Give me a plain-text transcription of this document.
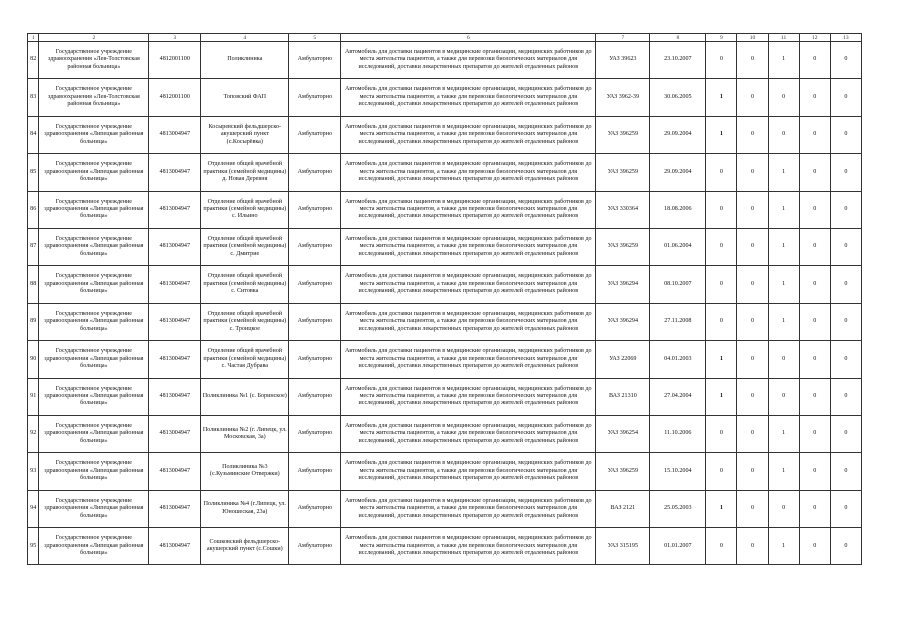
1	2	3	4	5	6	7	8	9	10	11	12	13
82	Государственное учреждение здравоохранения «Лев-Толстовская районная больница»	4812001100	Поликлиника	Амбулаторно	Автомобиль для доставки пациентов в медицинские организации, медицинских работников до места жительства пациентов, а также для перевозки биологических материалов для исследований, доставки лекарственных препаратов до жителей отдаленных районов	УАЗ 39623	23.10.2007	0	0	1	0	0
83	Государственное учреждение здравоохранения «Лев-Толстовская районная больница»	4812001100	Топовский ФАП	Амбулаторно	Автомобиль для доставки пациентов в медицинские организации, медицинских работников до места жительства пациентов, а также для перевозки биологических материалов для исследований, доставки лекарственных препаратов до жителей отдаленных районов	УАЗ 3962-39	30.06.2005	1	0	0	0	0
84	Государственное учреждение здравоохранения «Липецкая районная больница»	4813004947	Косыревский фельдшерско-акушерский пункт (с.Косырёвка)	Амбулаторно	Автомобиль для доставки пациентов в медицинские организации, медицинских работников до места жительства пациентов, а также для перевозки биологических материалов для исследований, доставки лекарственных препаратов до жителей отдаленных районов	УАЗ 396259	29.09.2004	1	0	0	0	0
85	Государственное учреждение здравоохранения «Липецкая районная больница»	4813004947	Отделение общей врачебной практики (семейной медицины) д. Новая Деревня	Амбулаторно	Автомобиль для доставки пациентов в медицинские организации, медицинских работников до места жительства пациентов, а также для перевозки биологических материалов для исследований, доставки лекарственных препаратов до жителей отдаленных районов	УАЗ 396259	29.09.2004	0	0	1	0	0
86	Государственное учреждение здравоохранения «Липецкая районная больница»	4813004947	Отделение общей врачебной практики (семейной медицины) с. Ильино	Амбулаторно	Автомобиль для доставки пациентов в медицинские организации, медицинских работников до места жительства пациентов, а также для перевозки биологических материалов для исследований, доставки лекарственных препаратов до жителей отдаленных районов	УАЗ 330364	18.08.2006	0	0	1	0	0
87	Государственное учреждение здравоохранения «Липецкая районная больница»	4813004947	Отделение общей врачебной практики (семейной медицины) с. Дмитрие	Амбулаторно	Автомобиль для доставки пациентов в медицинские организации, медицинских работников до места жительства пациентов, а также для перевозки биологических материалов для исследований, доставки лекарственных препаратов до жителей отдаленных районов	УАЗ 396259	01.06.2004	0	0	1	0	0
88	Государственное учреждение здравоохранения «Липецкая районная больница»	4813004947	Отделение общей врачебной практики (семейной медицины) с. Ситовка	Амбулаторно	Автомобиль для доставки пациентов в медицинские организации, медицинских работников до места жительства пациентов, а также для перевозки биологических материалов для исследований, доставки лекарственных препаратов до жителей отдаленных районов	УАЗ 396294	08.10.2007	0	0	1	0	0
89	Государственное учреждение здравоохранения «Липецкая районная больница»	4813004947	Отделение общей врачебной практики (семейной медицины) с. Троицкое	Амбулаторно	Автомобиль для доставки пациентов в медицинские организации, медицинских работников до места жительства пациентов, а также для перевозки биологических материалов для исследований, доставки лекарственных препаратов до жителей отдаленных районов	УАЗ 396294	27.11.2008	0	0	1	0	0
90	Государственное учреждение здравоохранения «Липецкая районная больница»	4813004947	Отделение общей врачебной практики (семейной медицины) с. Частая Дубрава	Амбулаторно	Автомобиль для доставки пациентов в медицинские организации, медицинских работников до места жительства пациентов, а также для перевозки биологических материалов для исследований, доставки лекарственных препаратов до жителей отдаленных районов	УАЗ 22069	04.01.2003	1	0	0	0	0
91	Государственное учреждение здравоохранения «Липецкая районная больница»	4813004947	Поликлиника №1 (с. Боринское)	Амбулаторно	Автомобиль для доставки пациентов в медицинские организации, медицинских работников до места жительства пациентов, а также для перевозки биологических материалов для исследований, доставки лекарственных препаратов до жителей отдаленных районов	ВАЗ 21310	27.04.2004	1	0	0	0	0
92	Государственное учреждение здравоохранения «Липецкая районная больница»	4813004947	Поликлиника №2 (г. Липецк, ул. Московская, 3а)	Амбулаторно	Автомобиль для доставки пациентов в медицинские организации, медицинских работников до места жительства пациентов, а также для перевозки биологических материалов для исследований, доставки лекарственных препаратов до жителей отдаленных районов	УАЗ 396254	11.10.2006	0	0	1	0	0
93	Государственное учреждение здравоохранения «Липецкая районная больница»	4813004947	Поликлиника №3 (с.Кузьминские Отвержки)	Амбулаторно	Автомобиль для доставки пациентов в медицинские организации, медицинских работников до места жительства пациентов, а также для перевозки биологических материалов для исследований, доставки лекарственных препаратов до жителей отдаленных районов	УАЗ 396259	15.10.2004	0	0	1	0	0
94	Государственное учреждение здравоохранения «Липецкая районная больница»	4813004947	Поликлиника №4 (г.Липецк, ул. Юношеская, 23а)	Амбулаторно	Автомобиль для доставки пациентов в медицинские организации, медицинских работников до места жительства пациентов, а также для перевозки биологических материалов для исследований, доставки лекарственных препаратов до жителей отдаленных районов	ВАЗ 2121	25.05.2003	1	0	0	0	0
95	Государственное учреждение здравоохранения «Липецкая районная больница»	4813004947	Сошковский фельдшерско-акушерский пункт (с.Сошки)	Амбулаторно	Автомобиль для доставки пациентов в медицинские организации, медицинских работников до места жительства пациентов, а также для перевозки биологических материалов для исследований, доставки лекарственных препаратов до жителей отдаленных районов	УАЗ 315195	01.01.2007	0	0	1	0	0
